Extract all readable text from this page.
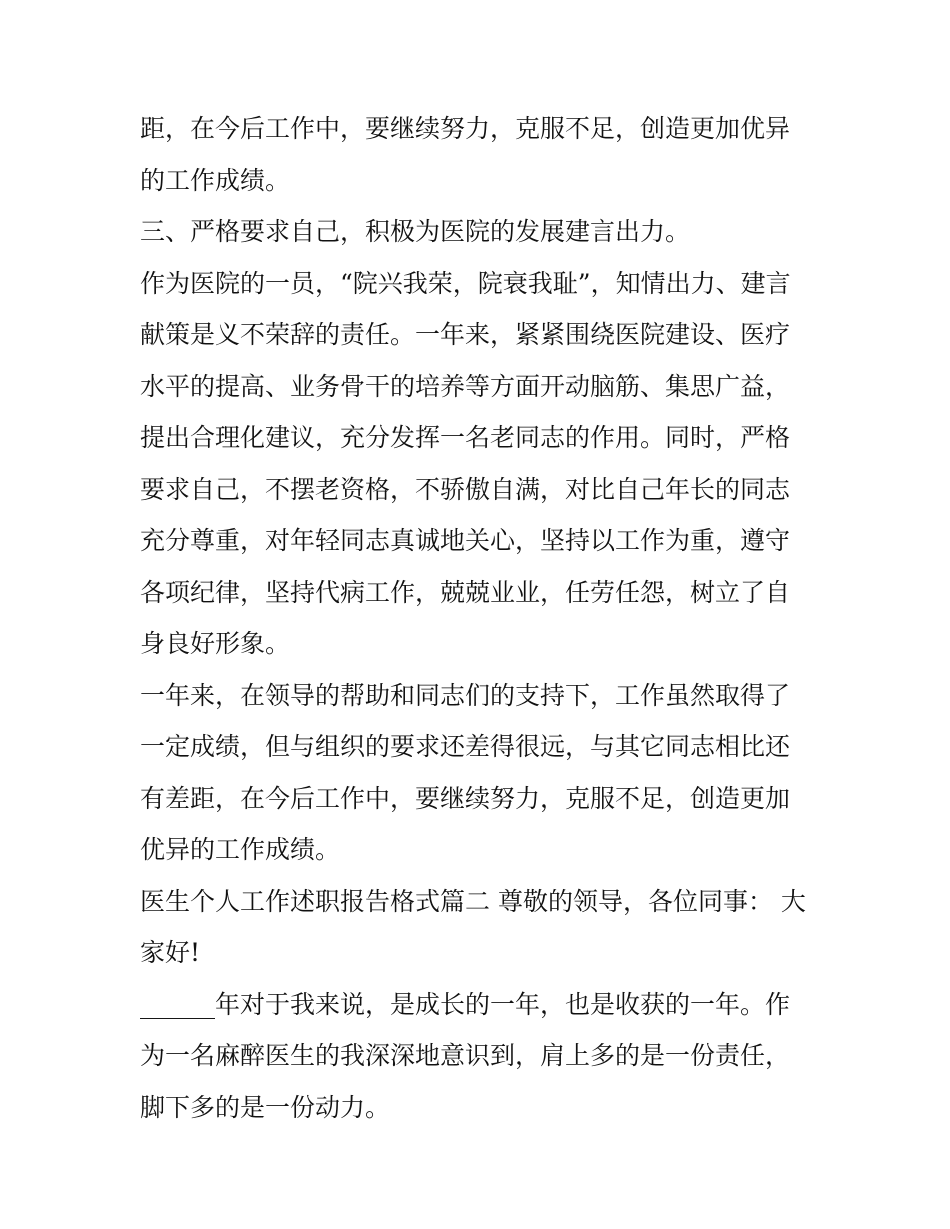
距，在今后工作中，要继续努力，克服不足，创造更加优异的工作成绩。

三、严格要求自己，积极为医院的发展建言出力。

作为医院的一员，“院兴我荣，院衰我耻”，知情出力、建言献策是义不荣辞的责任。一年来，紧紧围绕医院建设、医疗水平的提高、业务骨干的培养等方面开动脑筋、集思广益，提出合理化建议，充分发挥一名老同志的作用。同时，严格要求自己，不摆老资格，不骄傲自满，对比自己年长的同志充分尊重，对年轻同志真诚地关心，坚持以工作为重，遵守各项纪律，坚持代病工作，兢兢业业，任劳任怨，树立了自身良好形象。

一年来，在领导的帮助和同志们的支持下，工作虽然取得了一定成绩，但与组织的要求还差得很远，与其它同志相比还有差距，在今后工作中，要继续努力，克服不足，创造更加优异的工作成绩。

医生个人工作述职报告格式篇二 尊敬的领导，各位同事： 大家好!

______年对于我来说，是成长的一年，也是收获的一年。作为一名麻醉医生的我深深地意识到，肩上多的是一份责任，脚下多的是一份动力。
